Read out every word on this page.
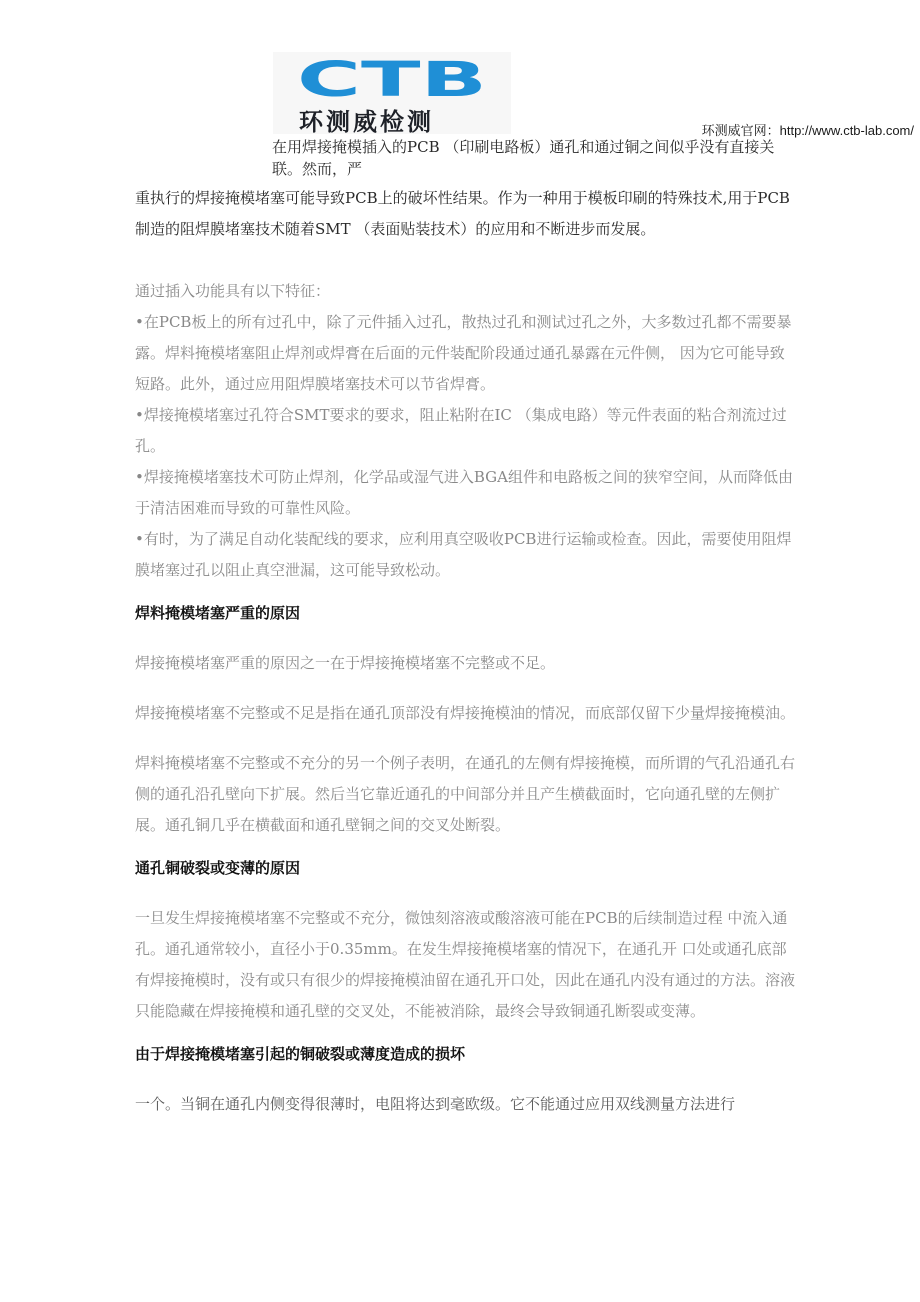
CTB
环测威检测	环测威官网：http://www.ctb-lab.com/

在用焊接掩模插入的PCB （印刷电路板）通孔和通过铜之间似乎没有直接关联。然而，严

重执行的焊接掩模堵塞可能导致PCB上的破坏性结果。作为一种用于模板印刷的特殊技术,用于PCB制造的阻焊膜堵塞技术随着SMT （表面贴装技术）的应用和不断进步而发展。

通过插入功能具有以下特征：

•在PCB板上的所有过孔中，除了元件插入过孔，散热过孔和测试过孔之外，大多数过孔都不需要暴露。焊料掩模堵塞阻止焊剂或焊膏在后面的元件装配阶段通过通孔暴露在元件侧， 因为它可能导致短路。此外，通过应用阻焊膜堵塞技术可以节省焊膏。

•焊接掩模堵塞过孔符合SMT要求的要求，阻止粘附在IC （集成电路）等元件表面的粘合剂流过过孔。

•焊接掩模堵塞技术可防止焊剂，化学品或湿气进入BGA组件和电路板之间的狭窄空间，从而降低由于清洁困难而导致的可靠性风险。

•有时，为了满足自动化装配线的要求，应利用真空吸收PCB进行运输或检查。因此，需要使用阻焊膜堵塞过孔以阻止真空泄漏，这可能导致松动。

焊料掩模堵塞严重的原因

焊接掩模堵塞严重的原因之一在于焊接掩模堵塞不完整或不足。

焊接掩模堵塞不完整或不足是指在通孔顶部没有焊接掩模油的情况，而底部仅留下少量焊接掩模油。

焊料掩模堵塞不完整或不充分的另一个例子表明，在通孔的左侧有焊接掩模，而所谓的气孔沿通孔右侧的通孔沿孔壁向下扩展。然后当它靠近通孔的中间部分并且产生横截面时，它向通孔壁的左侧扩展。通孔铜几乎在横截面和通孔壁铜之间的交叉处断裂。

通孔铜破裂或变薄的原因

一旦发生焊接掩模堵塞不完整或不充分，微蚀刻溶液或酸溶液可能在PCB的后续制造过程 中流入通孔。通孔通常较小，直径小于0.35mm。在发生焊接掩模堵塞的情况下，在通孔开 口处或通孔底部有焊接掩模时，没有或只有很少的焊接掩模油留在通孔开口处，因此在通孔内没有通过的方法。溶液只能隐藏在焊接掩模和通孔壁的交叉处，不能被消除，最终会导致铜通孔断裂或变薄。

由于焊接掩模堵塞引起的铜破裂或薄度造成的损坏

一个。当铜在通孔内侧变得很薄时，电阻将达到毫欧级。它不能通过应用双线测量方法进行
